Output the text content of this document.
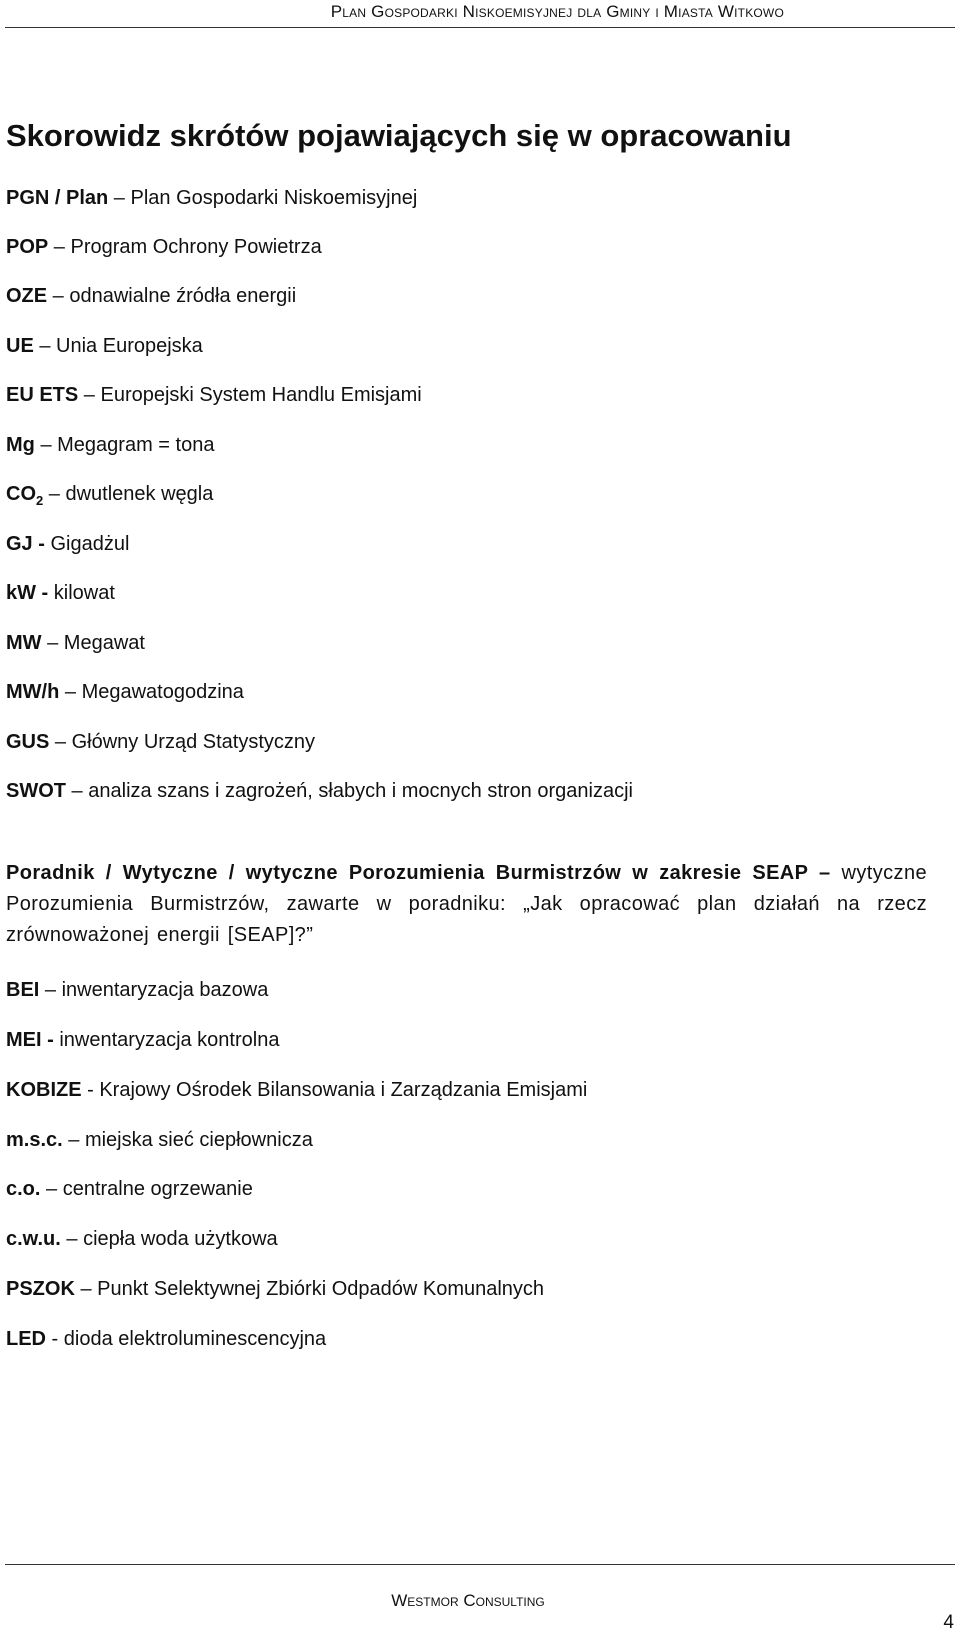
Plan Gospodarki Niskoemisyjnej dla Gminy i Miasta Witkowo
Skorowidz skrótów pojawiających się w opracowaniu

PGN / Plan – Plan Gospodarki Niskoemisyjnej

POP – Program Ochrony Powietrza

OZE – odnawialne źródła energii

UE – Unia Europejska

EU ETS – Europejski System Handlu Emisjami

Mg – Megagram = tona

$CO_2$ – dwutlenek węgla

GJ - Gigadżul

kW - kilowat

MW – Megawat

MW/h – Megawatogodzina

GUS – Główny Urząd Statystyczny

SWOT – analiza szans i zagrożeń, słabych i mocnych stron organizacji

Poradnik / Wytyczne / wytyczne Porozumienia Burmistrzów w zakresie SEAP – wytyczne Porozumienia Burmistrzów, zawarte w poradniku: „Jak opracować plan działań na rzecz zrównoważonej energii [SEAP]?”

BEI – inwentaryzacja bazowa

MEI - inwentaryzacja kontrolna

KOBIZE - Krajowy Ośrodek Bilansowania i Zarządzania Emisjami

m.s.c. – miejska sieć ciepłownicza

c.o. – centralne ogrzewanie

c.w.u. – ciepła woda użytkowa

PSZOK – Punkt Selektywnej Zbiórki Odpadów Komunalnych

LED - dioda elektroluminescencyjna

Westmor Consulting
4
